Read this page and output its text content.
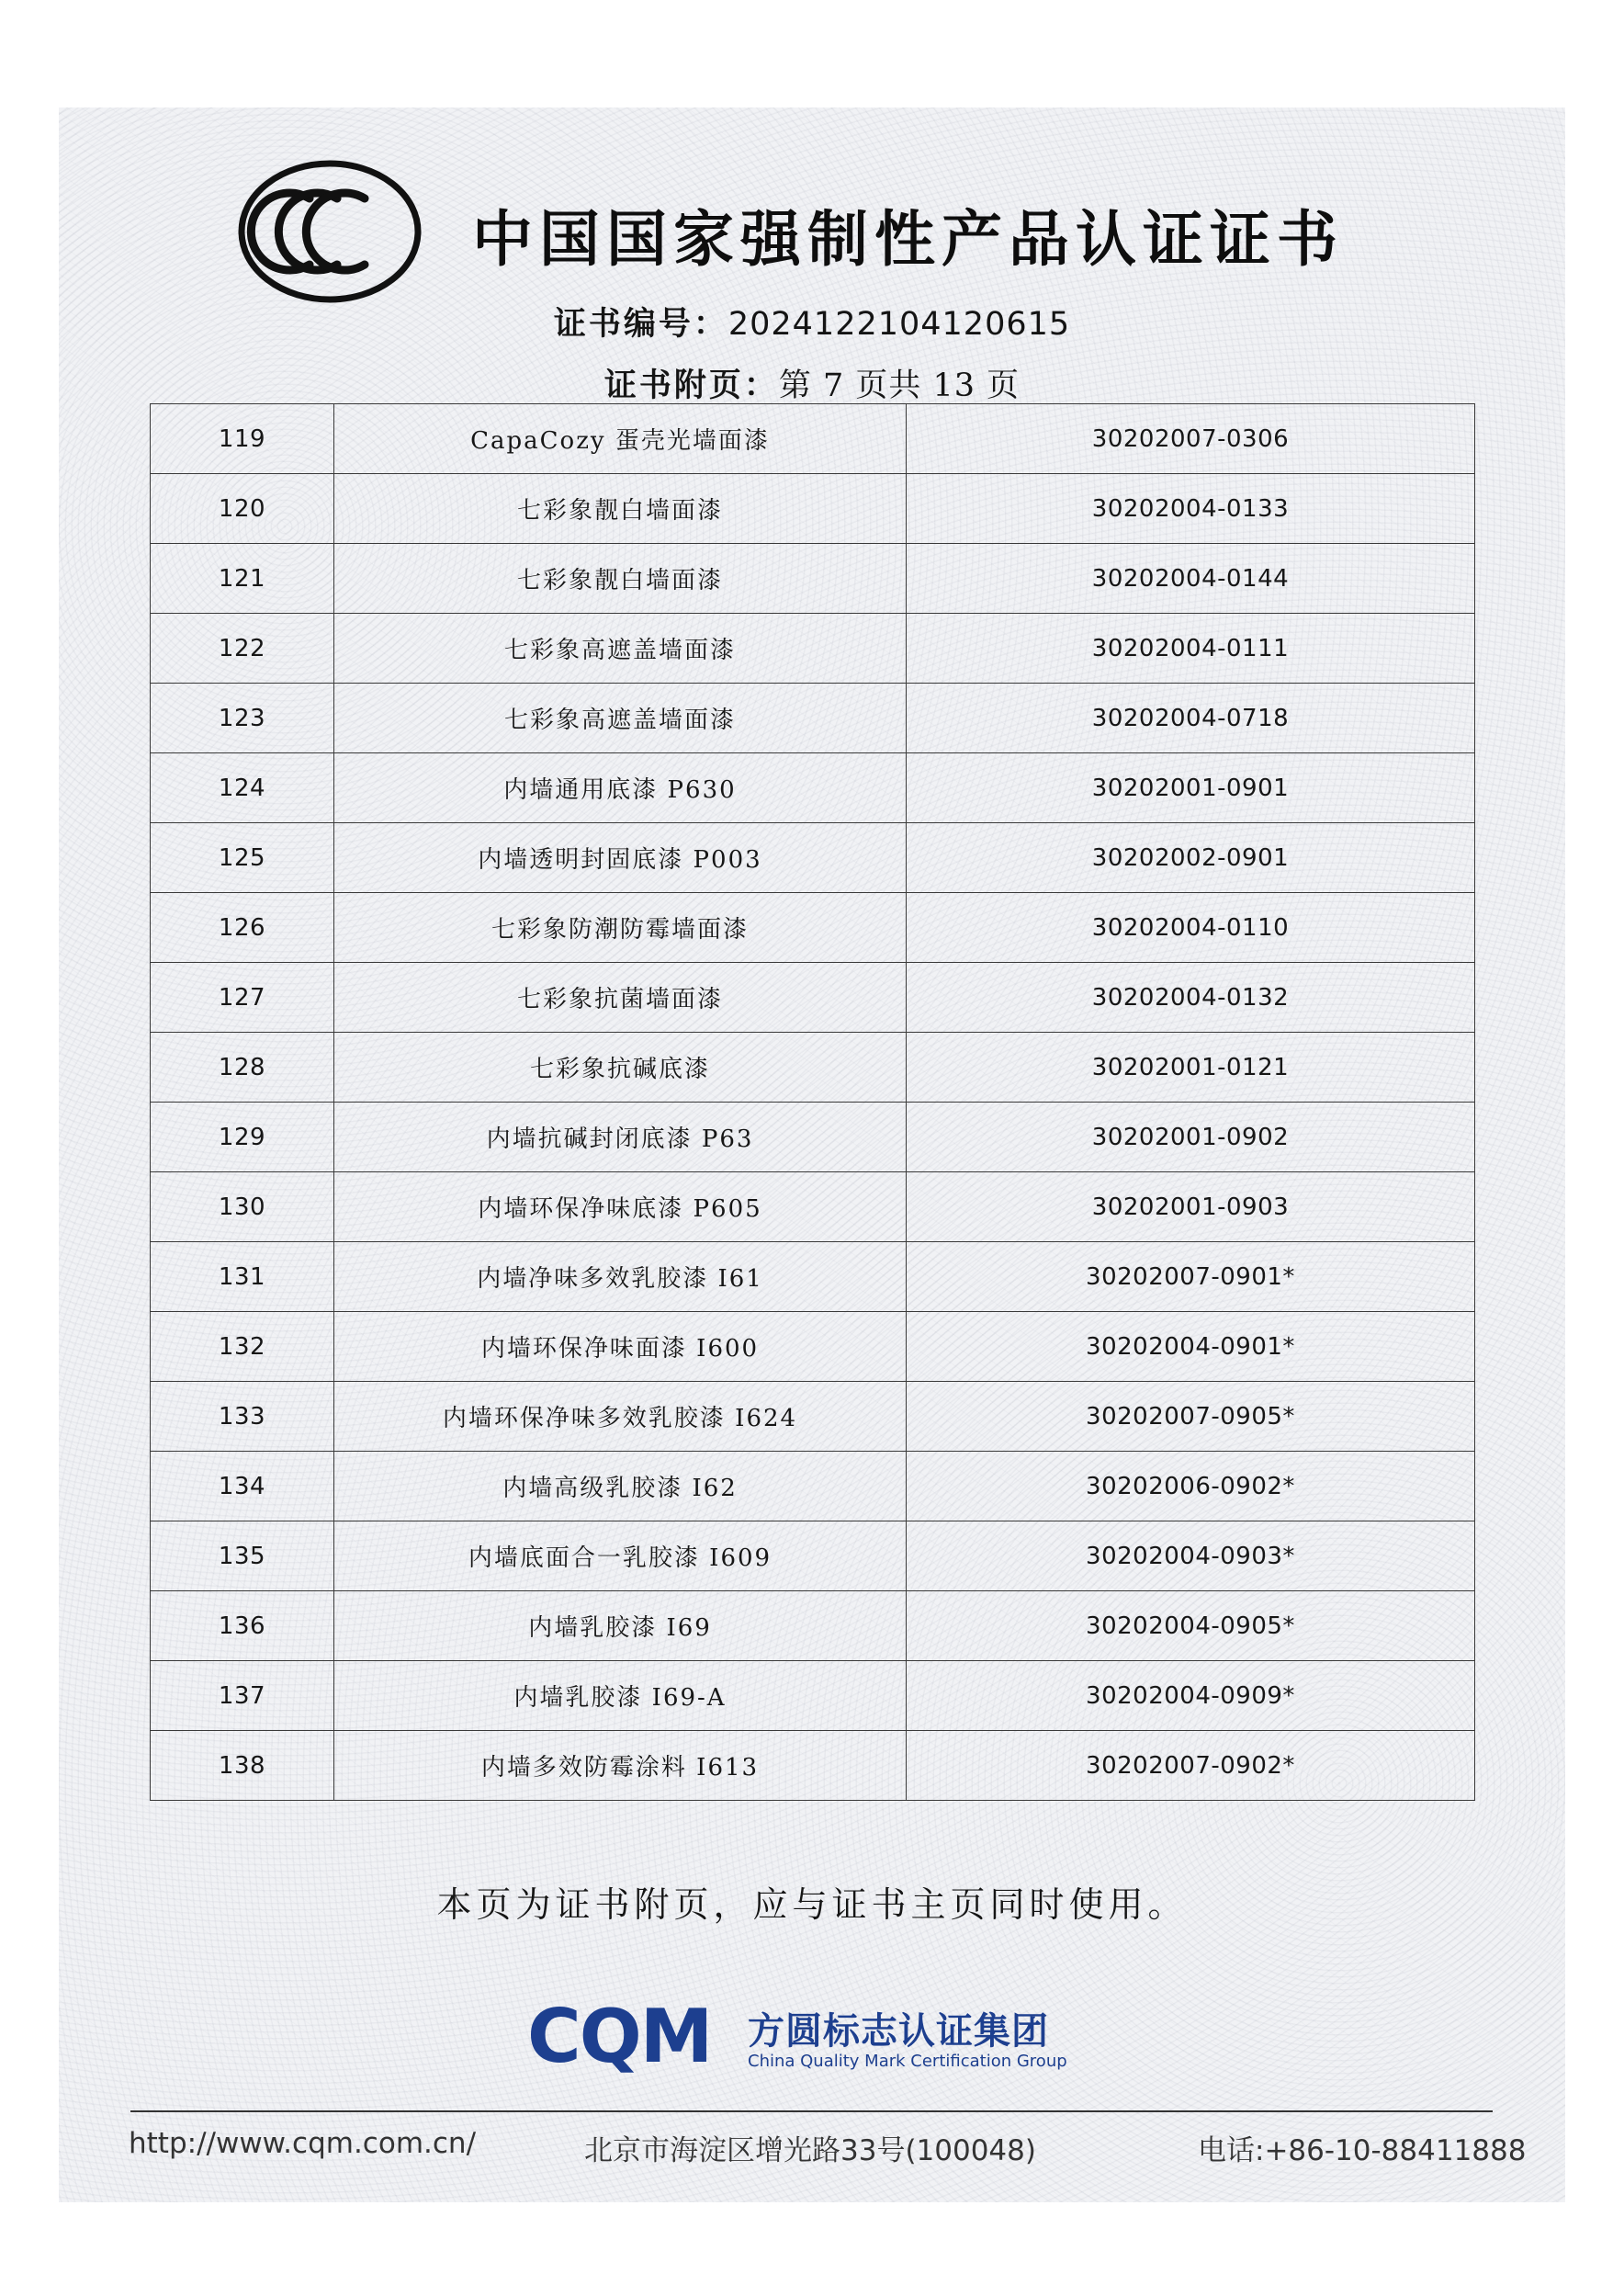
中国国家强制性产品认证证书
证书编号：2024122104120615
证书附页：第 7 页共 13 页
119	CapaCozy 蛋壳光墙面漆	30202007-0306
120	七彩象靓白墙面漆	30202004-0133
121	七彩象靓白墙面漆	30202004-0144
122	七彩象高遮盖墙面漆	30202004-0111
123	七彩象高遮盖墙面漆	30202004-0718
124	内墙通用底漆 P630	30202001-0901
125	内墙透明封固底漆 P003	30202002-0901
126	七彩象防潮防霉墙面漆	30202004-0110
127	七彩象抗菌墙面漆	30202004-0132
128	七彩象抗碱底漆	30202001-0121
129	内墙抗碱封闭底漆 P63	30202001-0902
130	内墙环保净味底漆 P605	30202001-0903
131	内墙净味多效乳胶漆 I61	30202007-0901*
132	内墙环保净味面漆 I600	30202004-0901*
133	内墙环保净味多效乳胶漆 I624	30202007-0905*
134	内墙高级乳胶漆 I62	30202006-0902*
135	内墙底面合一乳胶漆 I609	30202004-0903*
136	内墙乳胶漆 I69	30202004-0905*
137	内墙乳胶漆 I69-A	30202004-0909*
138	内墙多效防霉涂料 I613	30202007-0902*
本页为证书附页，应与证书主页同时使用。
CQM 方圆标志认证集团
China Quality Mark Certification Group
http://www.cqm.com.cn/	北京市海淀区增光路33号(100048)	电话:+86-10-88411888
